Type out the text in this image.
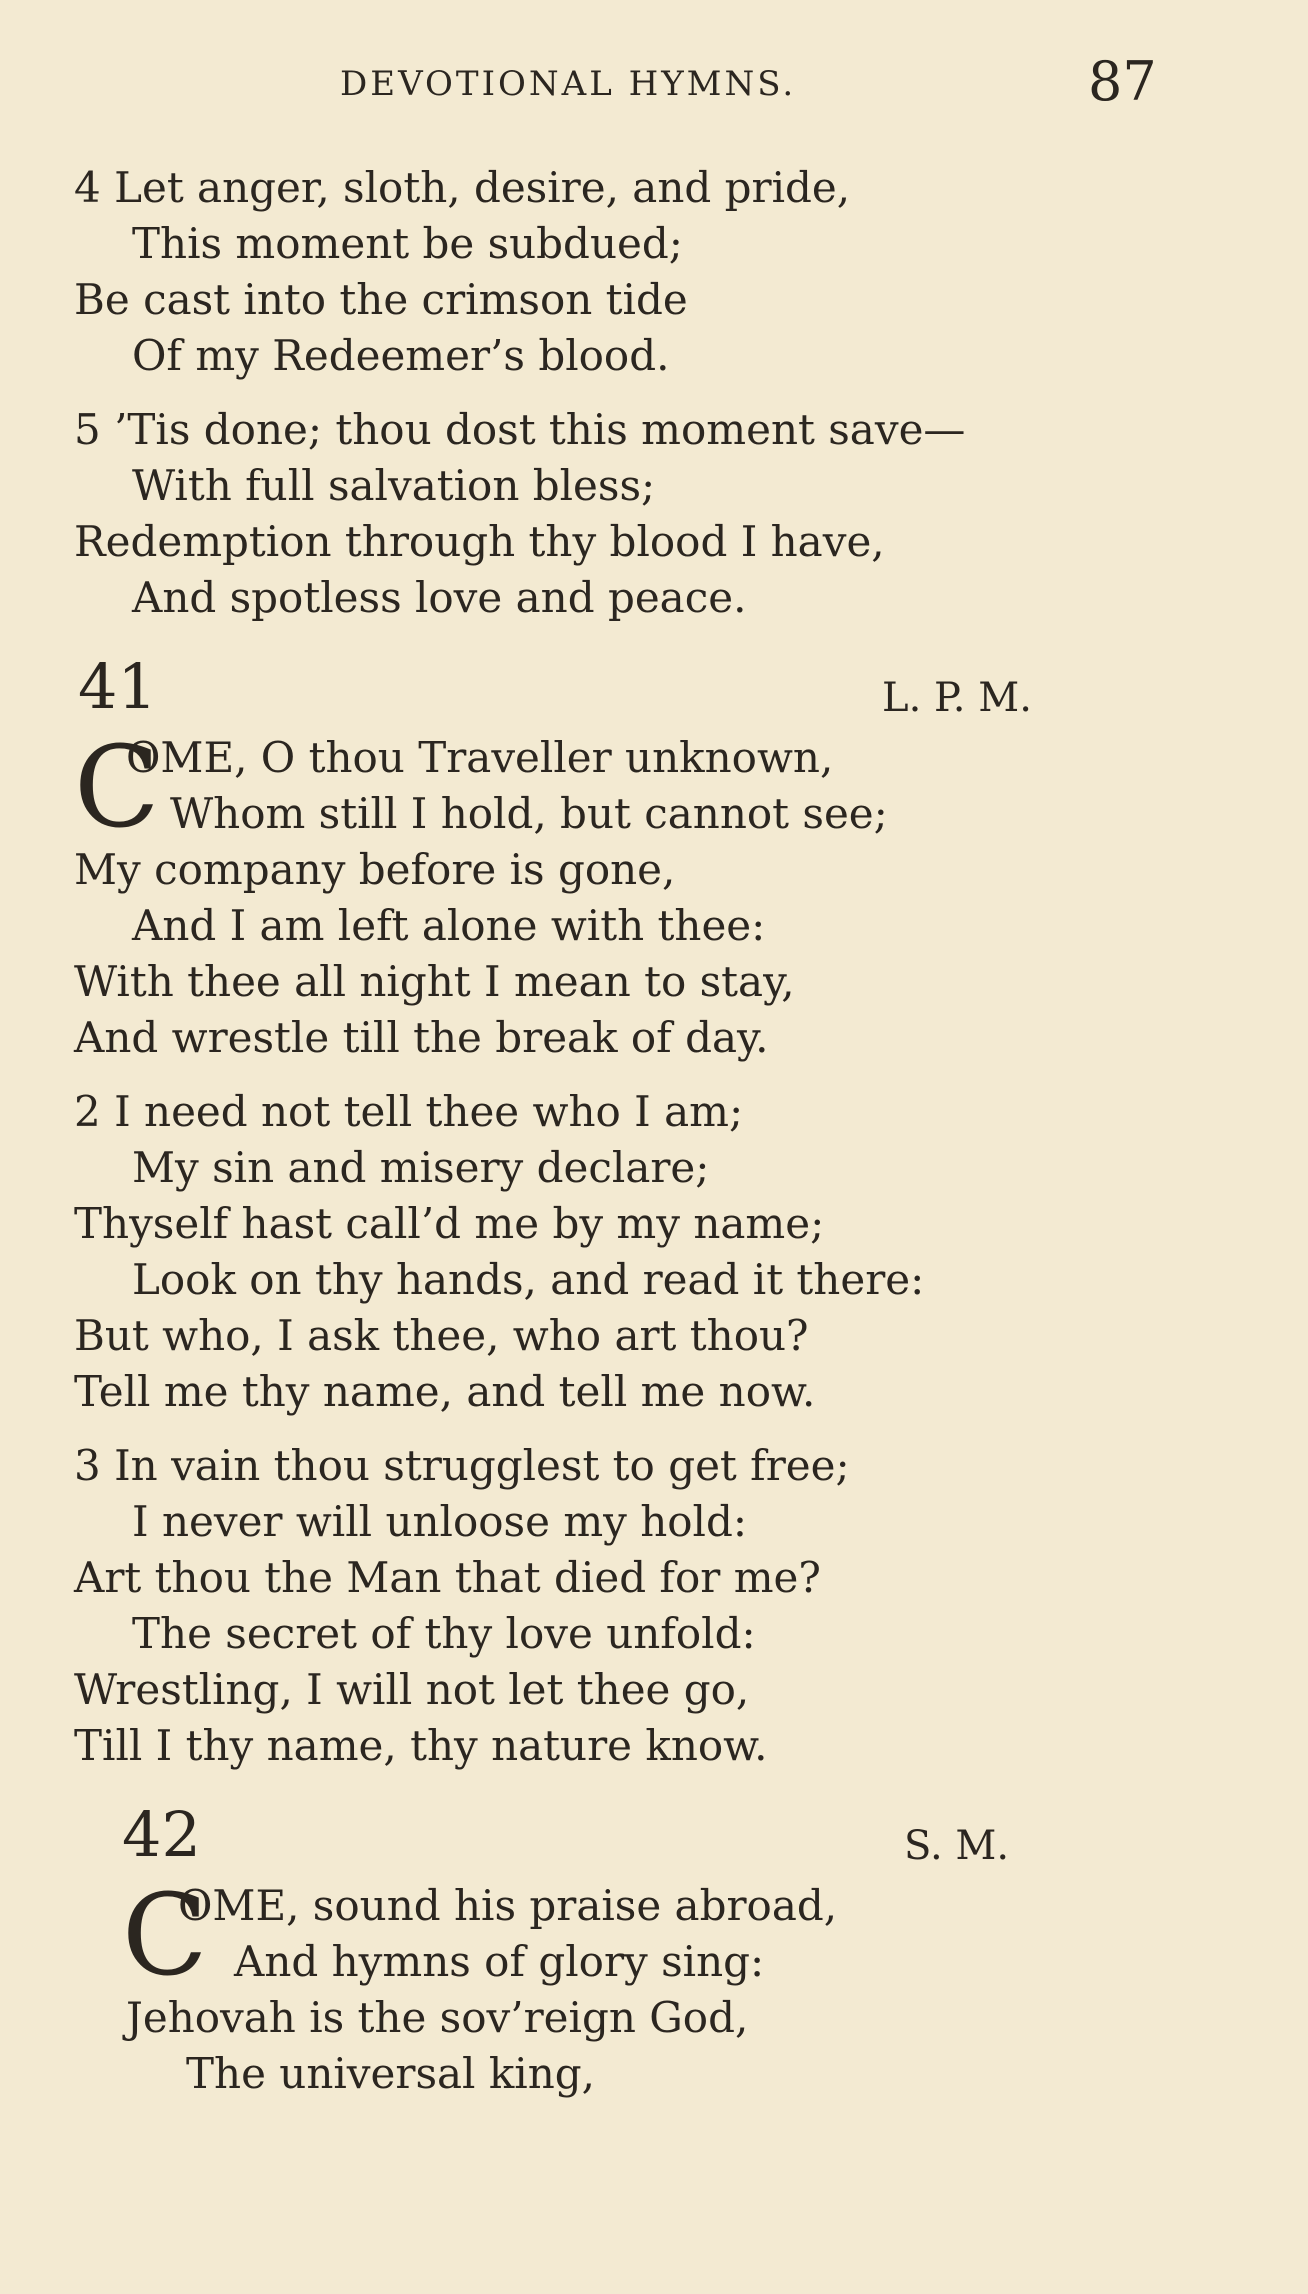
DEVOTIONAL HYMNS.	87
4 Let anger, sloth, desire, and pride,
This moment be subdued;
Be cast into the crimson tide
Of my Redeemer’s blood.
5 ’Tis done; thou dost this moment save—
With full salvation bless;
Redemption through thy blood I have,
And spotless love and peace.
41	L. P. M.
C
OME, O thou Traveller unknown,
Whom still I hold, but cannot see;
My company before is gone,
And I am left alone with thee:
With thee all night I mean to stay,
And wrestle till the break of day.
2 I need not tell thee who I am;
My sin and misery declare;
Thyself hast call’d me by my name;
Look on thy hands, and read it there:
But who, I ask thee, who art thou?
Tell me thy name, and tell me now.
3 In vain thou strugglest to get free;
I never will unloose my hold:
Art thou the Man that died for me?
The secret of thy love unfold:
Wrestling, I will not let thee go,
Till I thy name, thy nature know.
42	S. M.
C
OME, sound his praise abroad,
And hymns of glory sing:
Jehovah is the sov’reign God,
The universal king,
